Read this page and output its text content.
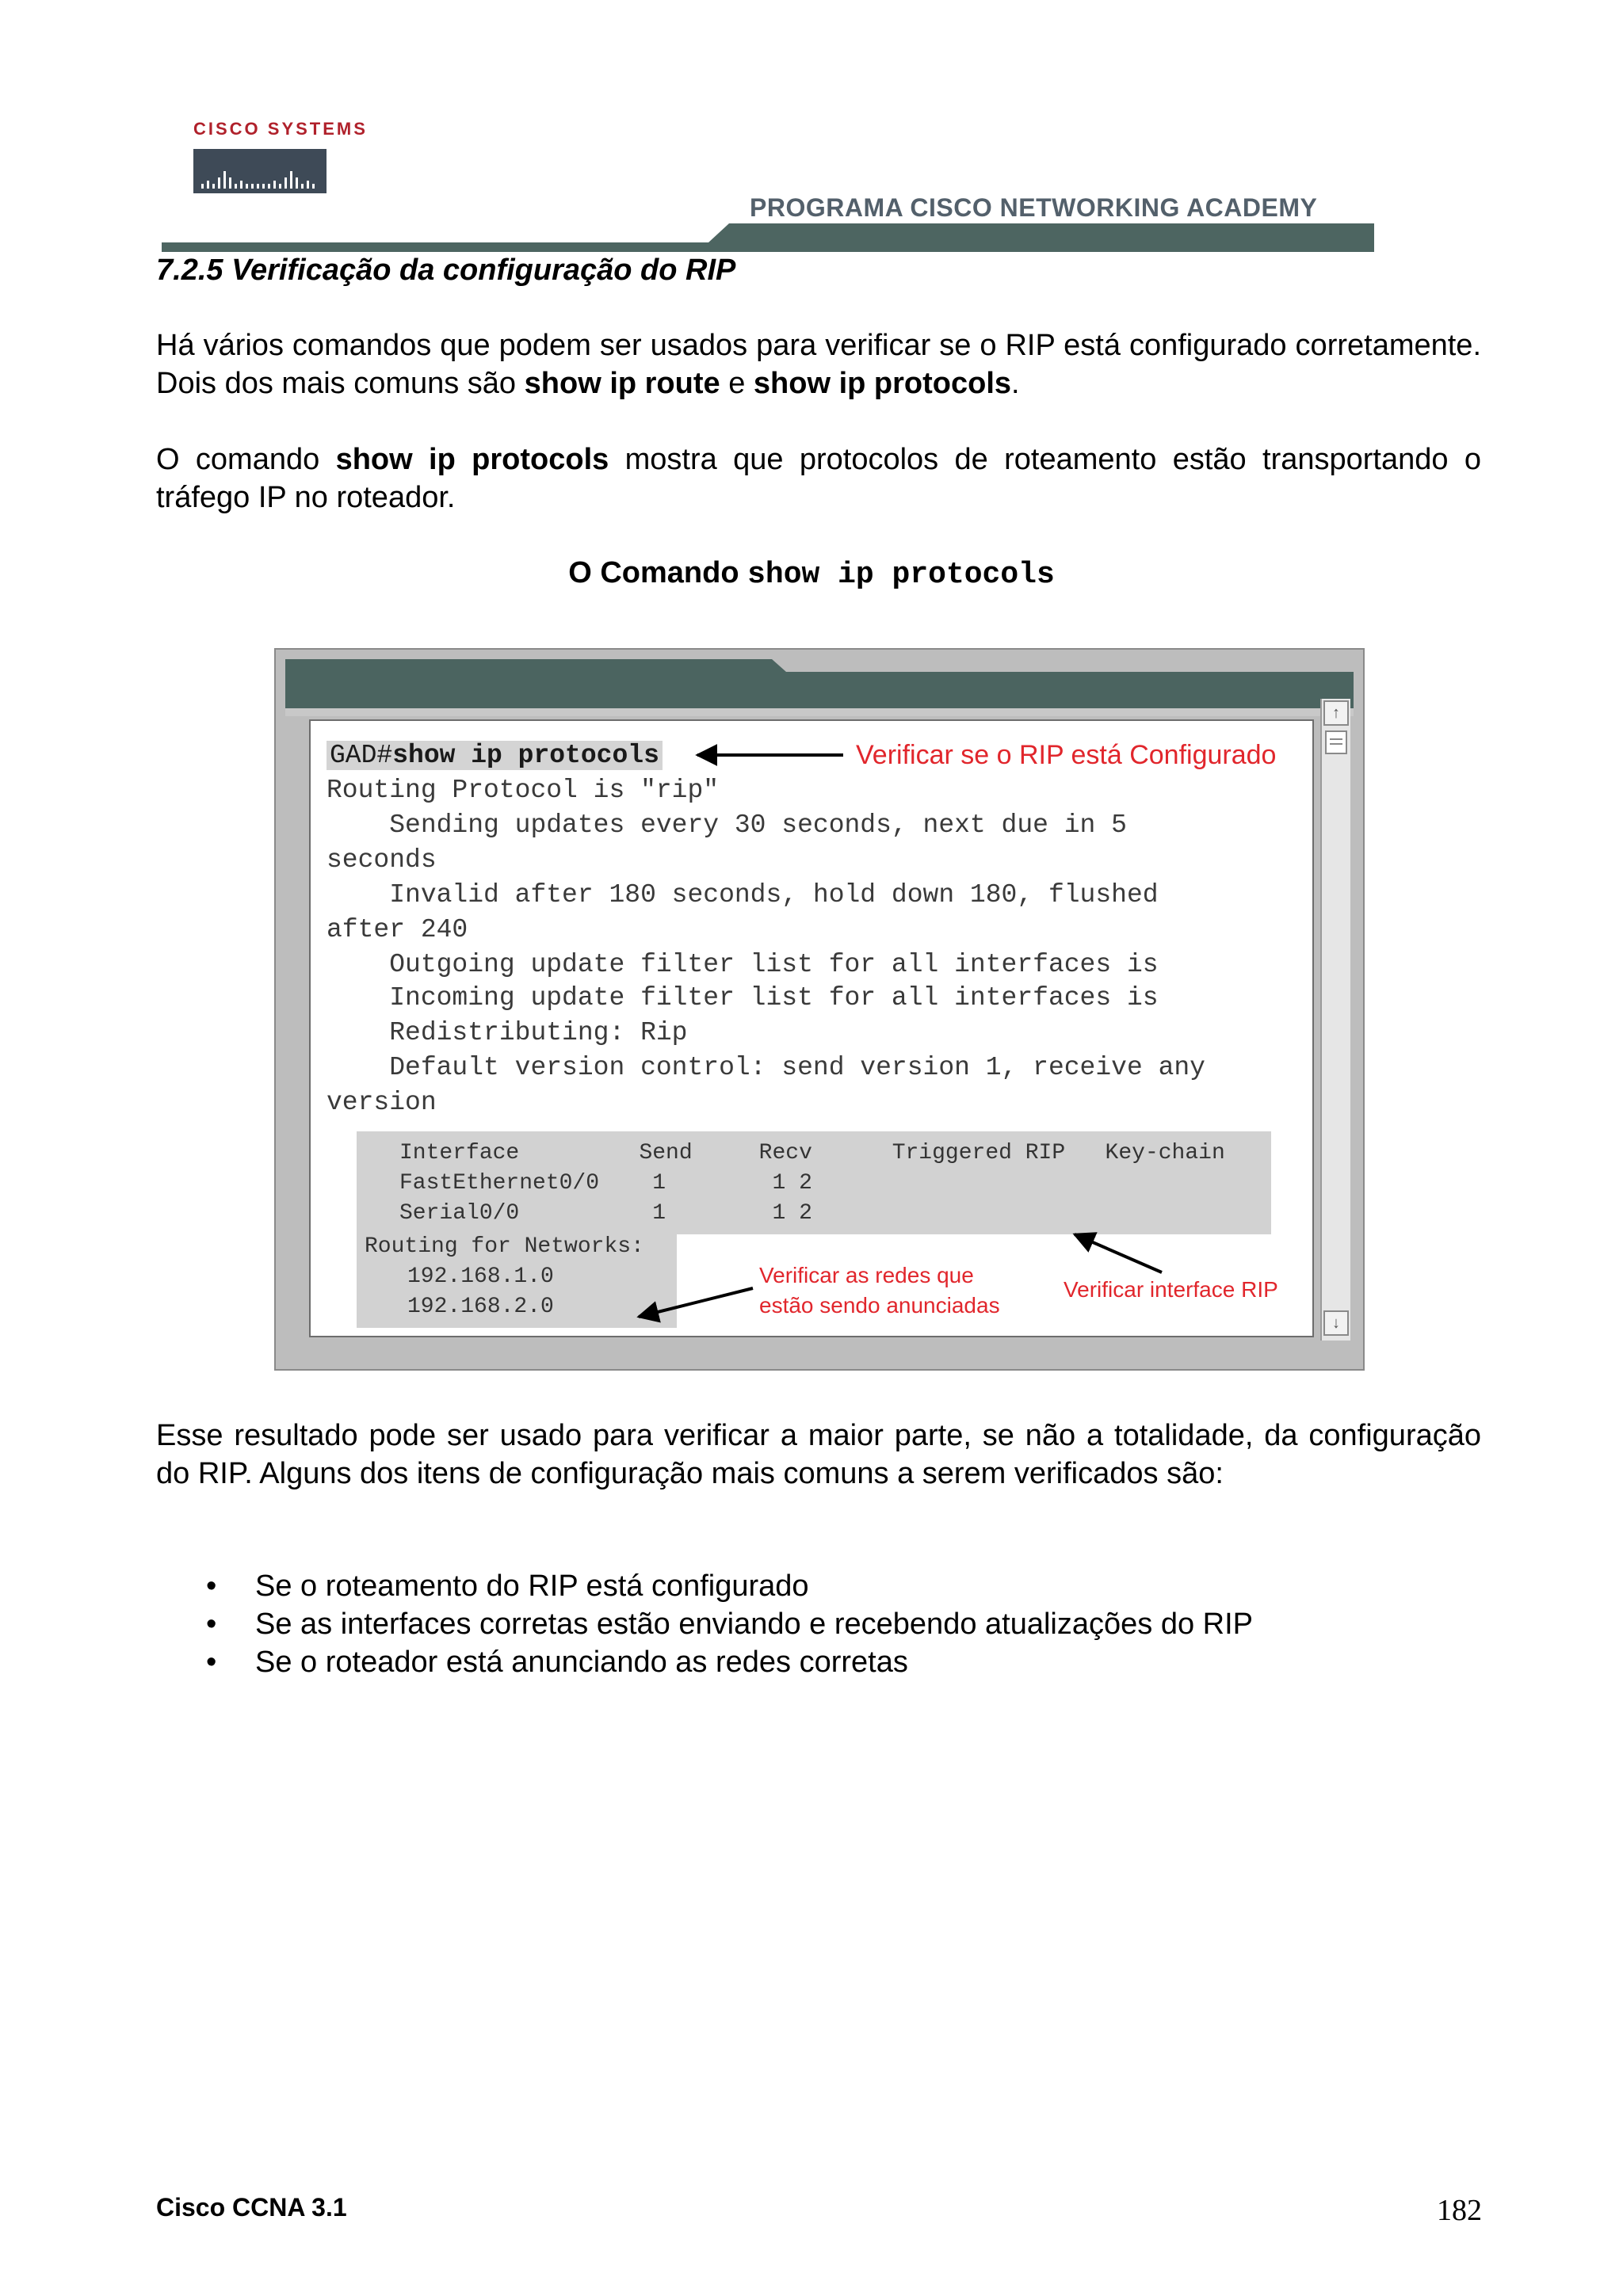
CISCO SYSTEMS
PROGRAMA CISCO NETWORKING ACADEMY
7.2.5 Verificação da configuração do RIP
Há vários comandos que podem ser usados para verificar se o RIP está configurado corretamente. Dois dos mais comuns são show ip route e show ip protocols.
O comando show ip protocols mostra que protocolos de roteamento estão transportando o tráfego IP no roteador.
O Comando show ip protocols
↑
↓
GAD#show ip protocols
Routing Protocol is "rip"
Sending updates every 30 seconds, next due in 5
seconds
Invalid after 180 seconds, hold down 180, flushed
after 240
Outgoing update filter list for all interfaces is
Incoming update filter list for all interfaces is
Redistributing: Rip
Default version control: send version 1, receive any
version
Interface         Send     Recv      Triggered RIP   Key-chain
FastEthernet0/0    1        1 2
Serial0/0          1        1 2
Routing for Networks:
192.168.1.0
192.168.2.0
Verificar se o RIP está Configurado
Verificar as redes que
estão sendo anunciadas
Verificar interface RIP
Esse resultado pode ser usado para verificar a maior parte, se não a totalidade, da configuração do RIP. Alguns dos itens de configuração mais comuns a serem verificados são:
• Se o roteamento do RIP está configurado
• Se as interfaces corretas estão enviando e recebendo atualizações do RIP
• Se o roteador está anunciando as redes corretas
Cisco CCNA 3.1	182
